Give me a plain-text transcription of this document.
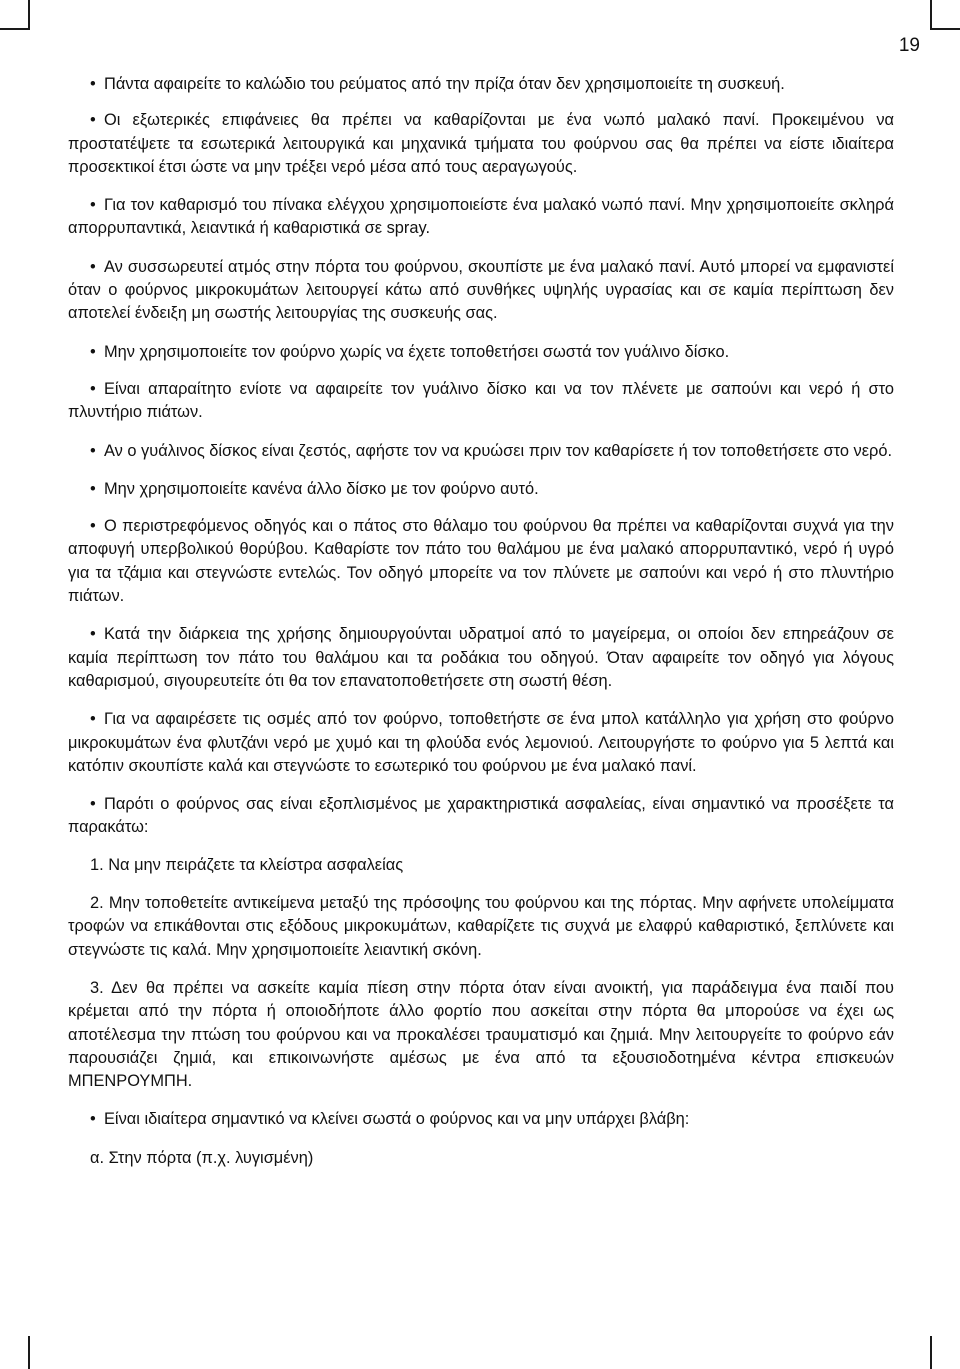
19

• Πάντα αφαιρείτε το καλώδιο του ρεύματος από την πρίζα όταν δεν χρησιμοποιείτε τη συσκευή.

• Οι εξωτερικές επιφάνειες θα πρέπει να καθαρίζονται με ένα νωπό μαλακό πανί. Προκειμένου να προστατέψετε τα εσωτερικά λειτουργικά και μηχανικά τμήματα του φούρνου σας θα πρέπει να είστε ιδιαίτερα προσεκτικοί έτσι ώστε να μην τρέξει νερό μέσα από τους αεραγωγούς.

• Για τον καθαρισμό του πίνακα ελέγχου χρησιμοποιείστε ένα μαλακό νωπό πανί. Μην χρησιμοποιείτε σκληρά απορρυπαντικά, λειαντικά ή καθαριστικά σε spray.

• Αν συσσωρευτεί ατμός στην πόρτα του φούρνου, σκουπίστε με ένα μαλακό πανί. Αυτό μπορεί να εμφανιστεί όταν ο φούρνος μικροκυμάτων λειτουργεί κάτω από συνθήκες υψηλής υγρασίας και σε καμία περίπτωση δεν αποτελεί ένδειξη μη σωστής λειτουργίας της συσκευής σας.

• Μην χρησιμοποιείτε τον φούρνο χωρίς να έχετε τοποθετήσει σωστά τον γυάλινο δίσκο.

• Είναι απαραίτητο ενίοτε να αφαιρείτε τον γυάλινο δίσκο και να τον πλένετε με σαπούνι και νερό ή στο πλυντήριο πιάτων.

• Αν ο γυάλινος δίσκος είναι ζεστός, αφήστε τον να κρυώσει πριν τον καθαρίσετε ή τον τοποθετήσετε στο νερό.

• Μην χρησιμοποιείτε κανένα άλλο δίσκο με τον φούρνο αυτό.

• Ο περιστρεφόμενος οδηγός και ο πάτος στο θάλαμο του φούρνου θα πρέπει να καθαρίζονται συχνά για την αποφυγή υπερβολικού θορύβου. Καθαρίστε τον πάτο του θαλάμου με ένα μαλακό απορρυπαντικό, νερό ή υγρό για τα τζάμια και στεγνώστε εντελώς. Τον οδηγό μπορείτε να τον πλύνετε με σαπούνι και νερό ή στο πλυντήριο πιάτων.

• Κατά την διάρκεια της χρήσης δημιουργούνται υδρατμοί από το μαγείρεμα, οι οποίοι δεν επηρεάζουν σε καμία περίπτωση τον πάτο του θαλάμου και τα ροδάκια του οδηγού. Όταν αφαιρείτε τον οδηγό για λόγους καθαρισμού, σιγουρευτείτε ότι θα τον επανατοποθετήσετε στη σωστή θέση.

• Για να αφαιρέσετε τις οσμές από τον φούρνο, τοποθετήστε σε ένα μπολ κατάλληλο για χρήση στο φούρνο μικροκυμάτων ένα φλυτζάνι νερό με χυμό και τη φλούδα ενός λεμονιού. Λειτουργήστε το φούρνο για 5 λεπτά και κατόπιν σκουπίστε καλά και στεγνώστε το εσωτερικό του φούρνου με ένα μαλακό πανί.

• Παρότι ο φούρνος σας είναι εξοπλισμένος με χαρακτηριστικά ασφαλείας, είναι σημαντικό να προσέξετε τα παρακάτω:

1. Να μην πειράζετε τα κλείστρα ασφαλείας

2. Μην τοποθετείτε αντικείμενα μεταξύ της πρόσοψης του φούρνου και της πόρτας. Μην αφήνετε υπολείμματα τροφών να επικάθονται στις εξόδους μικροκυμάτων, καθαρίζετε τις συχνά με ελαφρύ καθαριστικό, ξεπλύνετε και στεγνώστε τις καλά. Μην χρησιμοποιείτε λειαντική σκόνη.

3. Δεν θα πρέπει να ασκείτε καμία πίεση στην πόρτα όταν είναι ανοικτή, για παράδειγμα ένα παιδί που κρέμεται από την πόρτα ή οποιοδήποτε άλλο φορτίο που ασκείται στην πόρτα θα μπορούσε να έχει ως αποτέλεσμα την πτώση του φούρνου και να προκαλέσει τραυματισμό και ζημιά. Μην λειτουργείτε το φούρνο εάν παρουσιάζει ζημιά, και επικοινωνήστε αμέσως με ένα από τα εξουσιοδοτημένα κέντρα επισκευών ΜΠΕΝΡΟΥΜΠΗ.

• Είναι ιδιαίτερα σημαντικό να κλείνει σωστά ο φούρνος και να μην υπάρχει βλάβη:

α. Στην πόρτα (π.χ. λυγισμένη)
